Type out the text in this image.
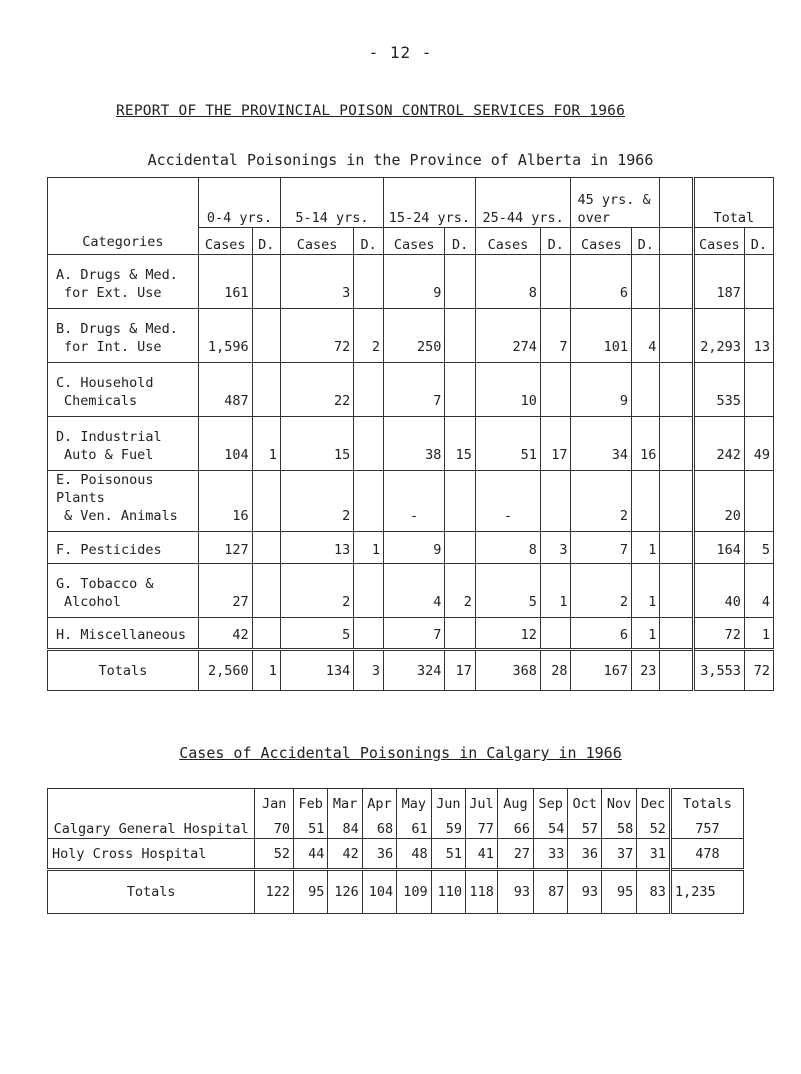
- 12 -
REPORT OF THE PROVINCIAL POISON CONTROL SERVICES FOR 1966
Accidental Poisonings in the Province of Alberta in 1966
Categories	0-4 yrs.		5-14 yrs.		15-24 yrs.		25-44 yrs.		45 yrs. & over			Total	
	Cases	D.	Cases	D.	Cases	D.	Cases	D.	Cases	D.		Cases	D.

A. Drugs & Med.
for Ext. Use	161		3		9		8		6			187	

B. Drugs & Med.
for Int. Use	1,596		72	2	250		274	7	101	4		2,293	13

C. Household
Chemicals	487		22		7		10		9			535	

D. Industrial
Auto & Fuel	104	1	15		38	15	51	17	34	16		242	49

E. Poisonous Plants
& Ven. Animals	16		2		-		-		2			20	

F. Pesticides	127		13	1	9		8	3	7	1		164	5

G. Tobacco &
Alcohol	27		2		4	2	5	1	2	1		40	4

H. Miscellaneous	42		5		7		12		6	1		72	1
Totals	2,560	1	134	3	324	17	368	28	167	23		3,553	72
Cases of Accidental Poisonings in Calgary in 1966
	Jan	Feb	Mar	Apr	May	Jun	Jul	Aug	Sep	Oct	Nov	Dec	Totals
Calgary General Hospital	70	51	84	68	61	59	77	66	54	57	58	52	757
Holy Cross Hospital	52	44	42	36	48	51	41	27	33	36	37	31	478
Totals	122	95	126	104	109	110	118	93	87	93	95	83	1,235
